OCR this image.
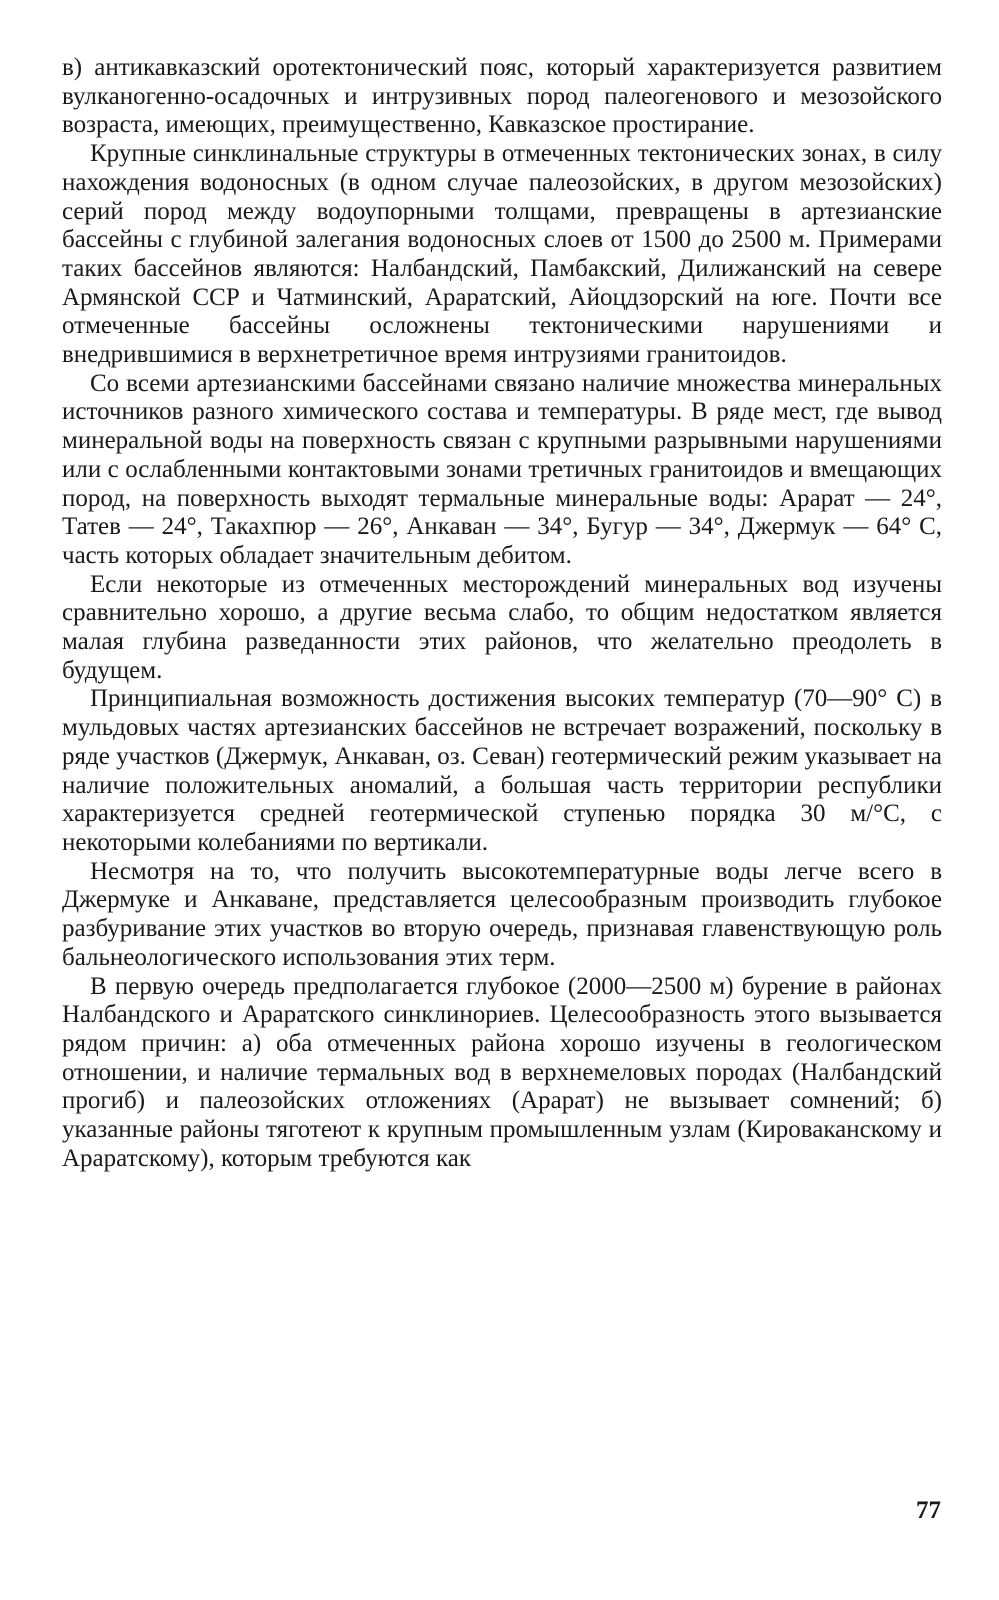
в) антикавказский оротектонический пояс, который характеризуется развитием вулканогенно-осадочных и интрузивных пород палеогенового и мезозойского возраста, имеющих, преимущественно, Кавказское простирание.

Крупные синклинальные структуры в отмеченных тектонических зонах, в силу нахождения водоносных (в одном случае палеозойских, в другом мезозойских) серий пород между водоупорными толщами, превращены в артезианские бассейны с глубиной залегания водоносных слоев от 1500 до 2500 м. Примерами таких бассейнов являются: Налбандский, Памбакский, Дилижанский на севере Армянской ССР и Чатминский, Араратский, Айоцдзорский на юге. Почти все отмеченные бассейны осложнены тектоническими нарушениями и внедрившимися в верхнетретичное время интрузиями гранитоидов.

Со всеми артезианскими бассейнами связано наличие множества минеральных источников разного химического состава и температуры. В ряде мест, где вывод минеральной воды на поверхность связан с крупными разрывными нарушениями или с ослабленными контактовыми зонами третичных гранитоидов и вмещающих пород, на поверхность выходят термальные минеральные воды: Арарат — 24°, Татев — 24°, Такахпюр — 26°, Анкаван — 34°, Бугур — 34°, Джермук — 64° С, часть которых обладает значительным дебитом.

Если некоторые из отмеченных месторождений минеральных вод изучены сравнительно хорошо, а другие весьма слабо, то общим недостатком является малая глубина разведанности этих районов, что желательно преодолеть в будущем.

Принципиальная возможность достижения высоких температур (70—90° С) в мульдовых частях артезианских бассейнов не встречает возражений, поскольку в ряде участков (Джермук, Анкаван, оз. Севан) геотермический режим указывает на наличие положительных аномалий, а большая часть территории республики характеризуется средней геотермической ступенью порядка 30 м/°С, с некоторыми колебаниями по вертикали.

Несмотря на то, что получить высокотемпературные воды легче всего в Джермуке и Анкаване, представляется целесообразным производить глубокое разбуривание этих участков во вторую очередь, признавая главенствующую роль бальнеологического использования этих терм.

В первую очередь предполагается глубокое (2000—2500 м) бурение в районах Налбандского и Араратского синклинориев. Целесообразность этого вызывается рядом причин: а) оба отмеченных района хорошо изучены в геологическом отношении, и наличие термальных вод в верхнемеловых породах (Налбандский прогиб) и палеозойских отложениях (Арарат) не вызывает сомнений; б) указанные районы тяготеют к крупным промышленным узлам (Кироваканскому и Араратскому), которым требуются как

77
